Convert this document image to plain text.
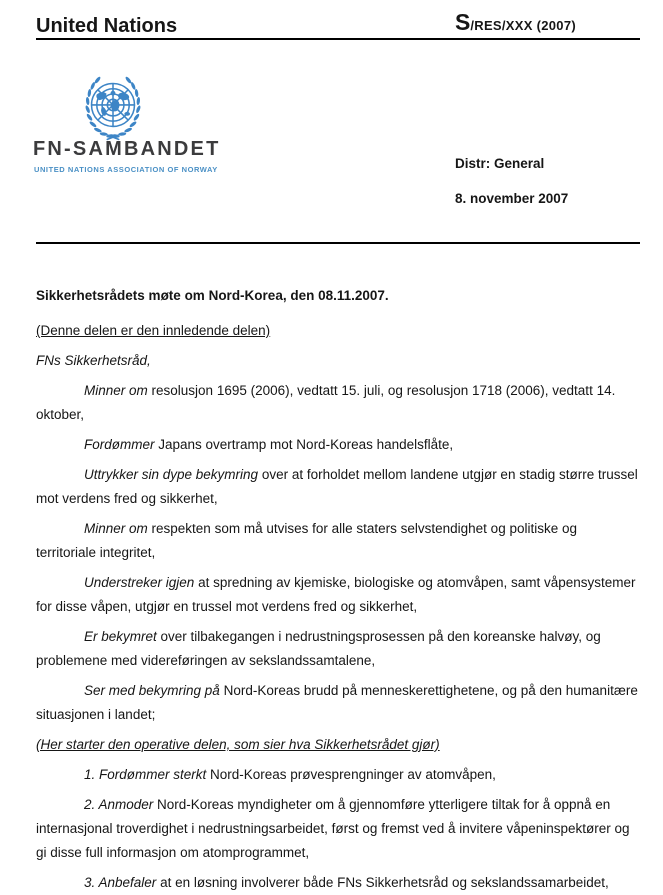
United Nations	S/RES/XXX (2007)
FN-SAMBANDET
UNITED NATIONS ASSOCIATION OF NORWAY	Distr: General
8. november 2007

Sikkerhetsrådets møte om Nord-Korea, den 08.11.2007.

(Denne delen er den innledende delen)

FNs Sikkerhetsråd,

Minner om resolusjon 1695 (2006), vedtatt 15. juli, og resolusjon 1718 (2006), vedtatt 14. oktober,

Fordømmer Japans overtramp mot Nord-Koreas handelsflåte,

Uttrykker sin dype bekymring over at forholdet mellom landene utgjør en stadig større trussel mot verdens fred og sikkerhet,

Minner om respekten som må utvises for alle staters selvstendighet og politiske og territoriale integritet,

Understreker igjen at spredning av kjemiske, biologiske og atomvåpen, samt våpensystemer for disse våpen, utgjør en trussel mot verdens fred og sikkerhet,

Er bekymret over tilbakegangen i nedrustningsprosessen på den koreanske halvøy, og problemene med videreføringen av sekslandssamtalene,

Ser med bekymring på Nord-Koreas brudd på menneskerettighetene, og på den humanitære situasjonen i landet;

(Her starter den operative delen, som sier hva Sikkerhetsrådet gjør)

1. Fordømmer sterkt Nord-Koreas prøvesprengninger av atomvåpen,

2. Anmoder Nord-Koreas myndigheter om å gjennomføre ytterligere tiltak for å oppnå en internasjonal troverdighet i nedrustningsarbeidet, først og fremst ved å invitere våpeninspektører og gi disse full informasjon om atomprogrammet,

3. Anbefaler at en løsning involverer både FNs Sikkerhetsråd og sekslandssamarbeidet,
